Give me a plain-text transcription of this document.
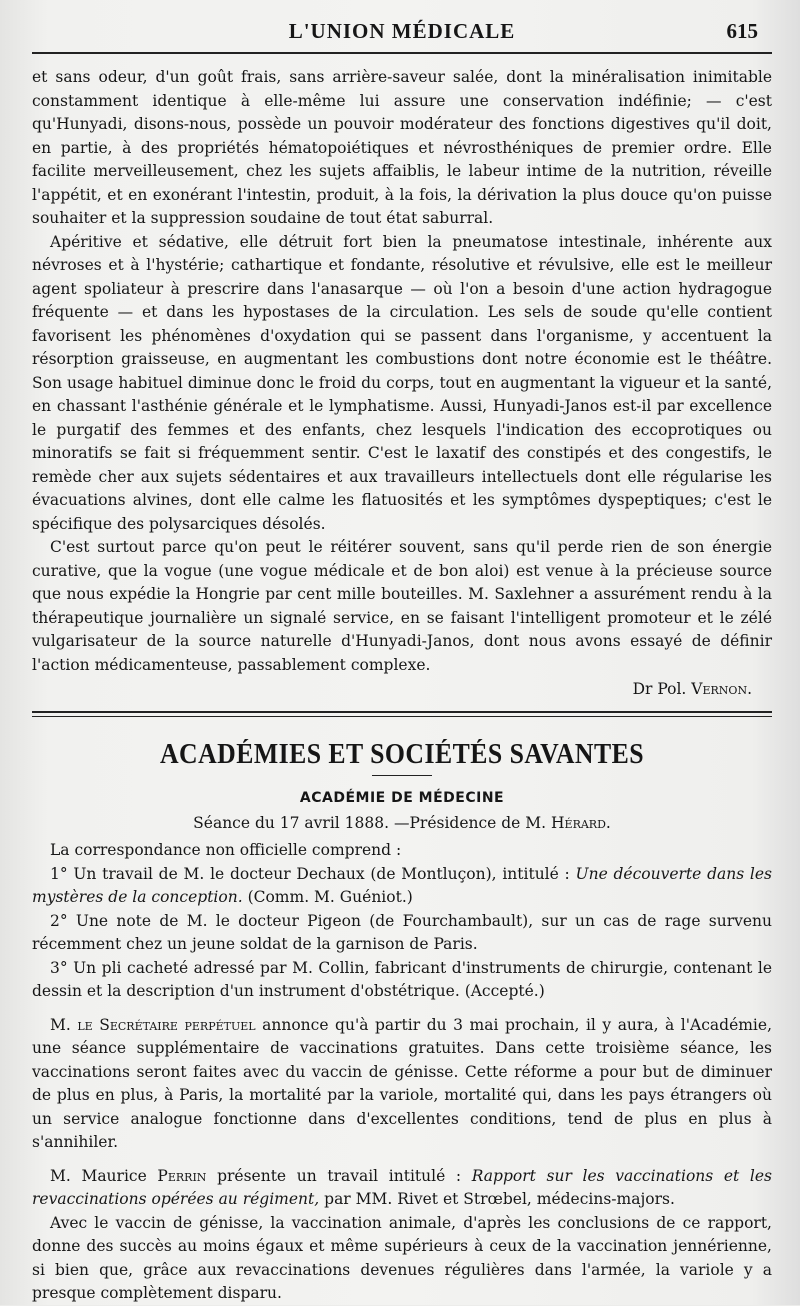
L'UNION MÉDICALE	615

et sans odeur, d'un goût frais, sans arrière-saveur salée, dont la minéralisation inimitable constamment identique à elle-même lui assure une conservation indéfinie; — c'est qu'Hunyadi, disons-nous, possède un pouvoir modérateur des fonctions digestives qu'il doit, en partie, à des propriétés hématopoiétiques et névrosthéniques de premier ordre. Elle facilite merveilleusement, chez les sujets affaiblis, le labeur intime de la nutrition, réveille l'appétit, et en exonérant l'intestin, produit, à la fois, la dérivation la plus douce qu'on puisse souhaiter et la suppression soudaine de tout état saburral.

Apéritive et sédative, elle détruit fort bien la pneumatose intestinale, inhérente aux névroses et à l'hystérie; cathartique et fondante, résolutive et révulsive, elle est le meilleur agent spoliateur à prescrire dans l'anasarque — où l'on a besoin d'une action hydragogue fréquente — et dans les hypostases de la circulation. Les sels de soude qu'elle contient favorisent les phénomènes d'oxydation qui se passent dans l'organisme, y accentuent la résorption graisseuse, en augmentant les combustions dont notre économie est le théâtre. Son usage habituel diminue donc le froid du corps, tout en augmentant la vigueur et la santé, en chassant l'asthénie générale et le lymphatisme. Aussi, Hunyadi-Janos est-il par excellence le purgatif des femmes et des enfants, chez lesquels l'indication des eccoprotiques ou minoratifs se fait si fréquemment sentir. C'est le laxatif des constipés et des congestifs, le remède cher aux sujets sédentaires et aux travailleurs intellectuels dont elle régularise les évacuations alvines, dont elle calme les flatuosités et les symptômes dyspeptiques; c'est le spécifique des polysarciques désolés.

C'est surtout parce qu'on peut le réitérer souvent, sans qu'il perde rien de son énergie curative, que la vogue (une vogue médicale et de bon aloi) est venue à la précieuse source que nous expédie la Hongrie par cent mille bouteilles. M. Saxlehner a assurément rendu à la thérapeutique journalière un signalé service, en se faisant l'intelligent promoteur et le zélé vulgarisateur de la source naturelle d'Hunyadi-Janos, dont nous avons essayé de définir l'action médicamenteuse, passablement complexe.

Dr Pol. Vernon.
ACADÉMIES ET SOCIÉTÉS SAVANTES
ACADÉMIE DE MÉDECINE
Séance du 17 avril 1888. —Présidence de M. Hérard.

La correspondance non officielle comprend :

1° Un travail de M. le docteur Dechaux (de Montluçon), intitulé : Une découverte dans les mystères de la conception. (Comm. M. Guéniot.)

2° Une note de M. le docteur Pigeon (de Fourchambault), sur un cas de rage survenu récemment chez un jeune soldat de la garnison de Paris.

3° Un pli cacheté adressé par M. Collin, fabricant d'instruments de chirurgie, contenant le dessin et la description d'un instrument d'obstétrique. (Accepté.)

M. le Secrétaire perpétuel annonce qu'à partir du 3 mai prochain, il y aura, à l'Académie, une séance supplémentaire de vaccinations gratuites. Dans cette troisième séance, les vaccinations seront faites avec du vaccin de génisse. Cette réforme a pour but de diminuer de plus en plus, à Paris, la mortalité par la variole, mortalité qui, dans les pays étrangers où un service analogue fonctionne dans d'excellentes conditions, tend de plus en plus à s'annihiler.

M. Maurice Perrin présente un travail intitulé : Rapport sur les vaccinations et les revaccinations opérées au régiment, par MM. Rivet et Strœbel, médecins-majors.

Avec le vaccin de génisse, la vaccination animale, d'après les conclusions de ce rapport, donne des succès au moins égaux et même supérieurs à ceux de la vaccination jennérienne, si bien que, grâce aux revaccinations devenues régulières dans l'armée, la variole y a presque complètement disparu.
